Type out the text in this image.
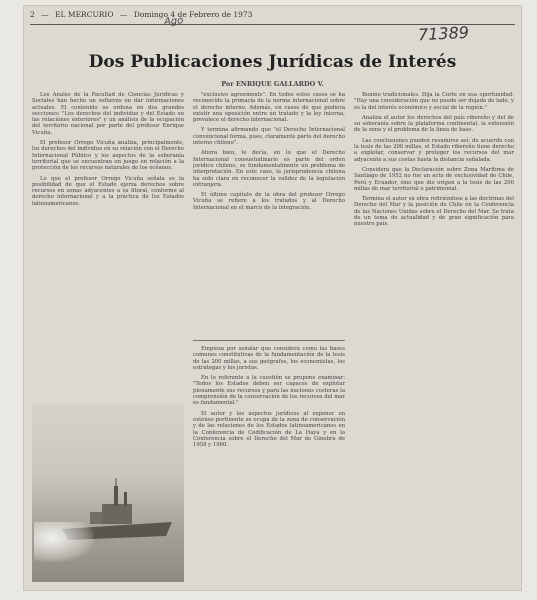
2 — EL MERCURIO — Domingo 4 de Febrero de 1973
Ago
71389
Dos Publicaciones Jurídicas de Interés
Por ENRIQUE GALLARDO V.

Los Anales de la Facultad de Ciencias Jurídicas y Sociales han hecho un esfuerzo en dar informaciones actuales. El contenido se ordena en dos grandes secciones: "Los derechos del individuo y del Estado en las relaciones exteriores" y un análisis de la ocupación del territorio nacional por parte del profesor Enrique Vicuña.

El profesor Orrego Vicuña analiza, principalmente, los derechos del individuo en su relación con el Derecho Internacional Público y los aspectos de la soberanía territorial que se encuentran en juego en relación a la protección de los recursos naturales de los océanos.

Lo que el profesor Orrego Vicuña señala es la posibilidad de que el Estado ejerza derechos sobre recursos en zonas adyacentes a su litoral, conforme al derecho internacional y a la práctica de los Estados latinoamericanos.

"exclusive agreements". En todos estos casos se ha reconocido la primacía de la norma internacional sobre el derecho interno. Además, en casos de que pudiera existir una oposición entre un tratado y la ley interna, prevalece el derecho internacional.

Y termina afirmando que "el Derecho Internacional convencional forma, pues, claramente parte del derecho interno chileno".

Ahora bien, le decía, en lo que el Derecho Internacional consuetudinario es parte del orden jurídico chileno, se fundamentalmente un problema de interpretación. En este caso, la jurisprudencia chilena ha sido clara en reconocer la validez de la legislación extranjera.

El último capítulo de la obra del profesor Orrego Vicuña se refiere a los tratados y al Derecho Internacional en el marco de la integración.

Empieza por señalar que considera como las bases comunes constitutivas de la fundamentación de la tesis de las 200 millas, a sus geógrafos, los economistas, los estrategas y los juristas.

En lo referente a la cuestión se propone examinar: "Todos los Estados deben ser capaces de explotar plenamente sus recursos y para las naciones costeras la comprensión de la conservación de los recursos del mar es fundamental."

El autor y los aspectos jurídicos al exponer en extenso pertinente se ocupa de la zona de conservación y de las relaciones de los Estados latinoamericanos en la Conferencia de Codificación de La Haya y en la Conferencia sobre el Derecho del Mar de Ginebra de 1958 y 1960.

Bonino tradicionales. Dija la Corte en esa oportunidad: "Hay una consideración que no puede ser dejada de lado, y es la del interés económico y social de la región."

Analiza el autor los derechos del país ribereño y del de su soberanía sobre la plataforma continental, la extensión de la zona y el problema de la línea de base.

Las conclusiones pueden resumirse así: de acuerdo con la tesis de las 200 millas, el Estado ribereño tiene derecho a explotar, conservar y proteger los recursos del mar adyacente a sus costas hasta la distancia señalada.

Considera que la Declaración sobre Zona Marítima de Santiago de 1952 no fue un acto de exclusividad de Chile, Perú y Ecuador, sino que dio origen a la tesis de las 200 millas de mar territorial o patrimonial.

Termina el autor su obra refiriéndose a las doctrinas del Derecho del Mar y la posición de Chile en la Conferencia de las Naciones Unidas sobre el Derecho del Mar. Se trata de un tema de actualidad y de gran significación para nuestro país.
